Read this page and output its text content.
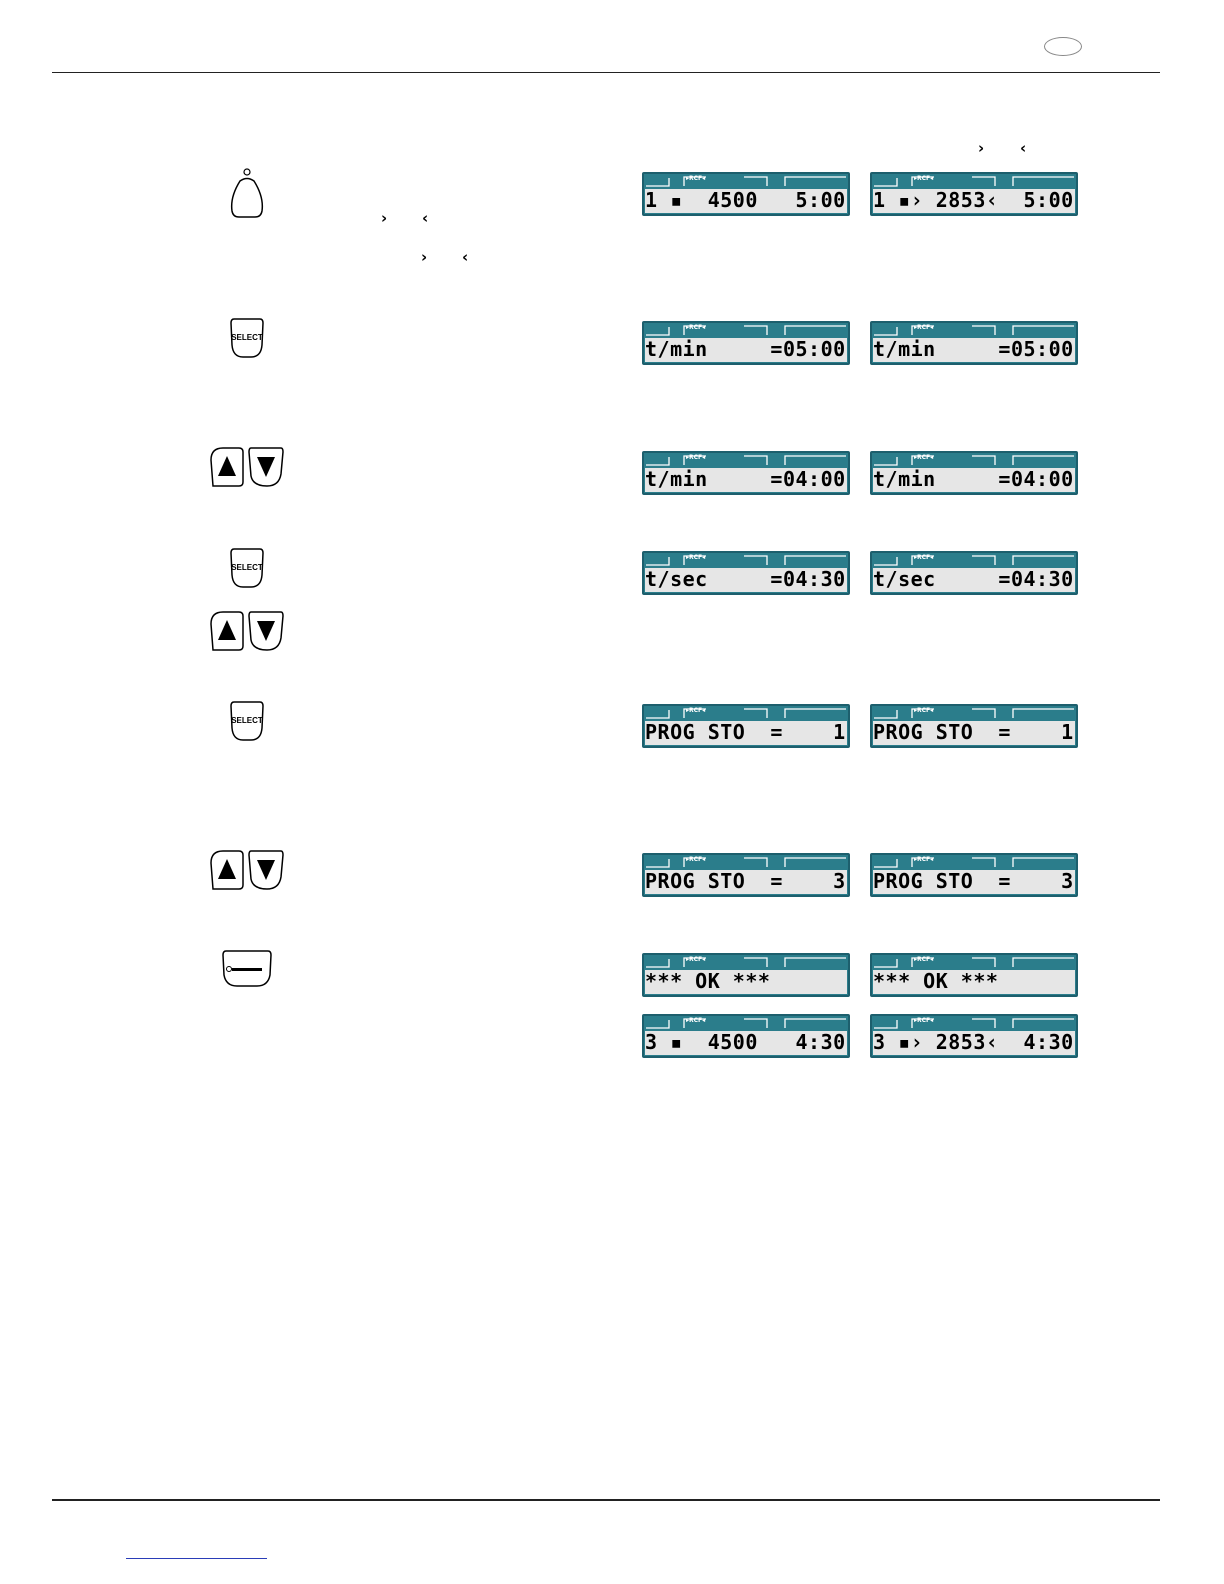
› ‹
› ‹
› ‹
SELECT
SELECT
SELECT
▸RCF◂
1 ▪  4500   5:00
▸RCF◂
1 ▪› 2853‹  5:00
▸RCF◂
t/min     =05:00
▸RCF◂
t/min     =05:00
▸RCF◂
t/min     =04:00
▸RCF◂
t/min     =04:00
▸RCF◂
t/sec     =04:30
▸RCF◂
t/sec     =04:30
▸RCF◂
PROG STO  =    1
▸RCF◂
PROG STO  =    1
▸RCF◂
PROG STO  =    3
▸RCF◂
PROG STO  =    3
▸RCF◂
*** OK ***
▸RCF◂
*** OK ***
▸RCF◂
3 ▪  4500   4:30
▸RCF◂
3 ▪› 2853‹  4:30
